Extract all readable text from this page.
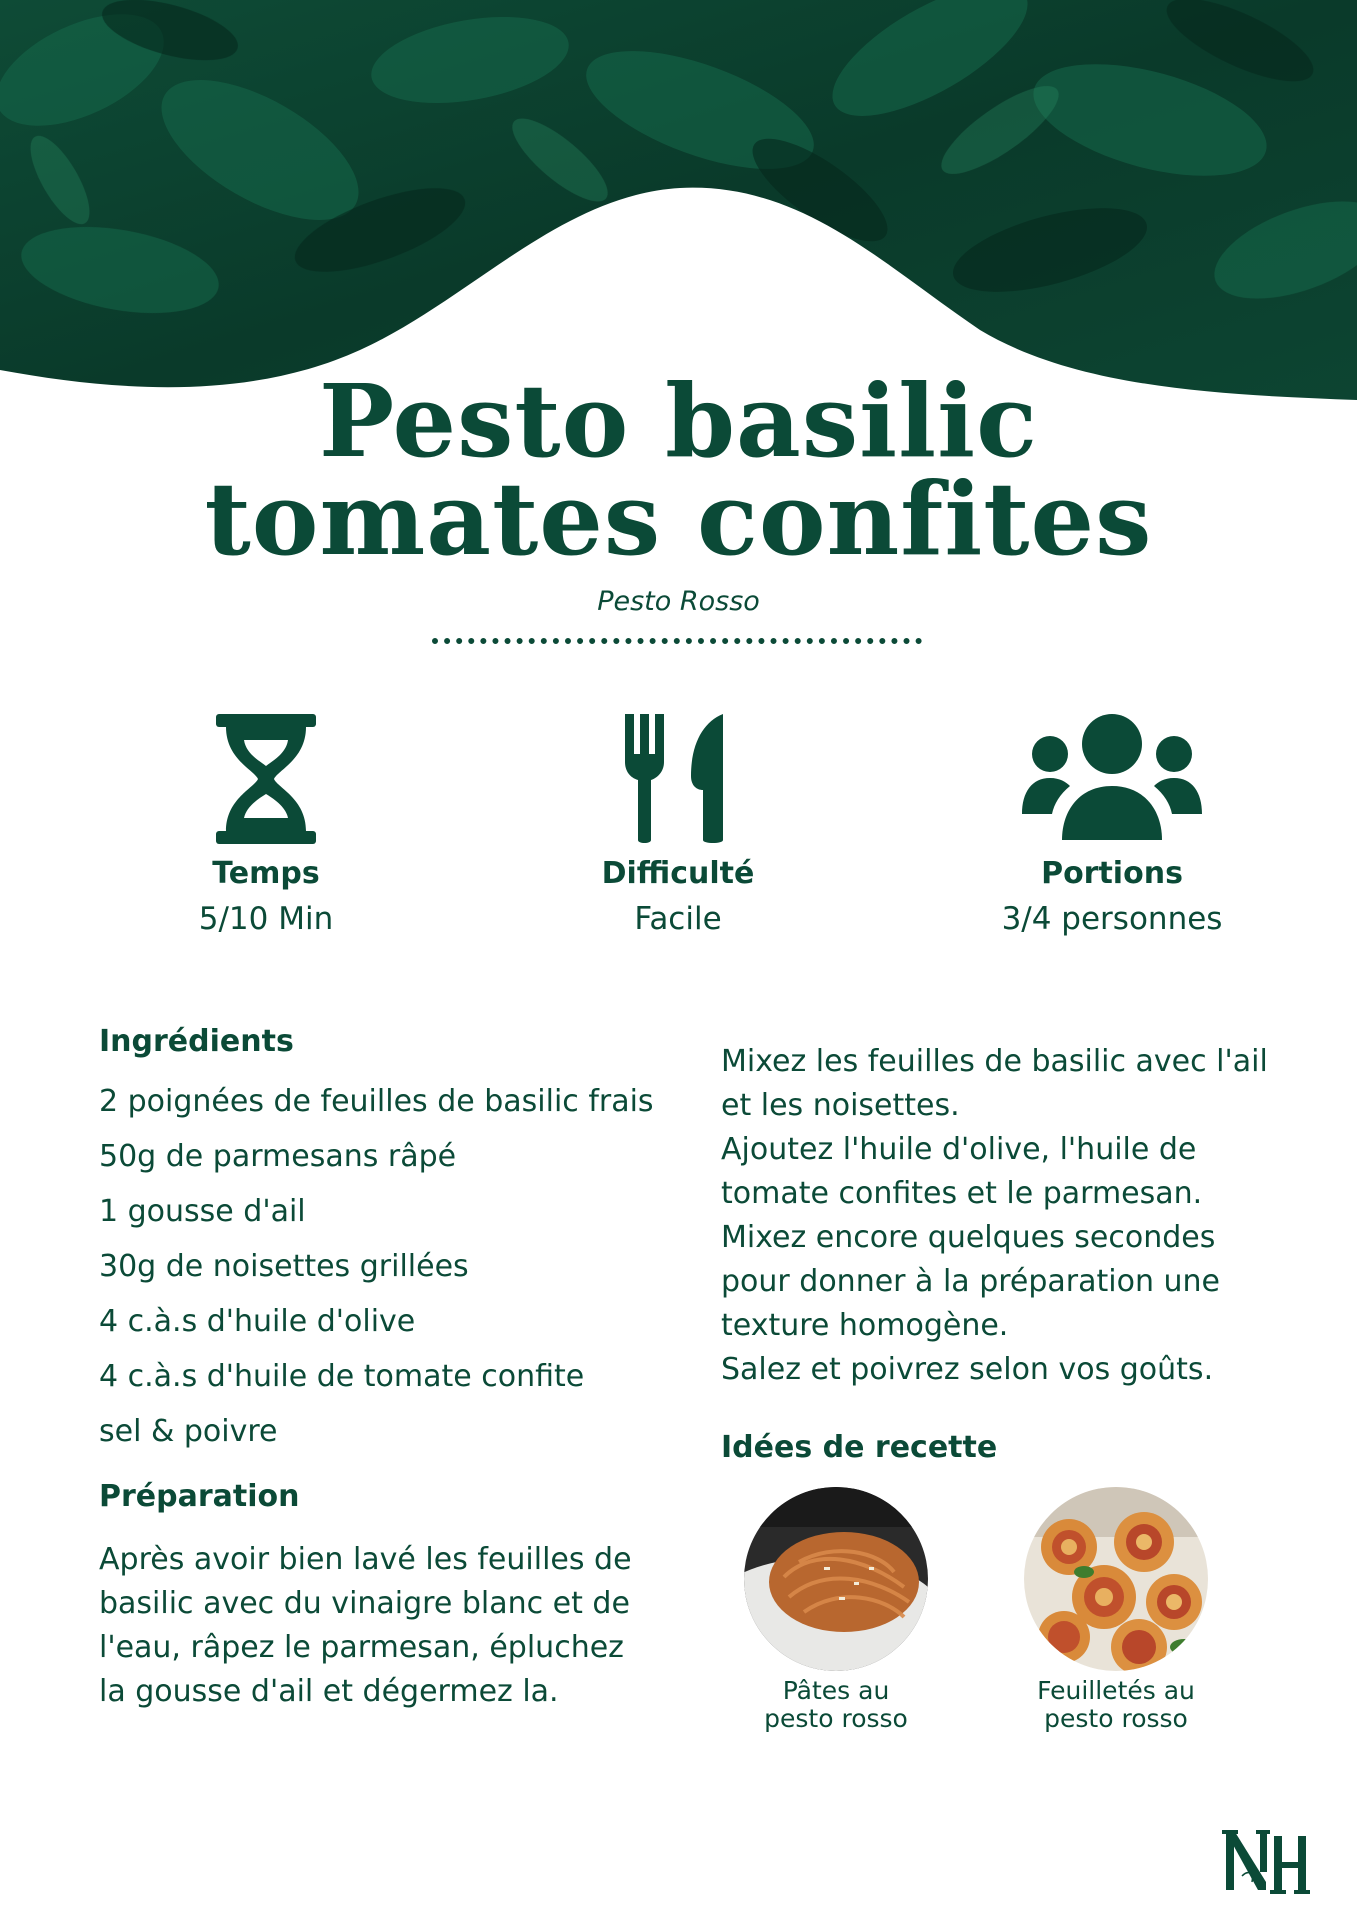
Pesto basilic
tomates confites
Pesto Rosso
Temps
5/10 Min
Difficulté
Facile
Portions
3/4 personnes
Ingrédients
2 poignées de feuilles de basilic frais
50g de parmesans râpé
1 gousse d'ail
30g de noisettes grillées
4 c.à.s d'huile d'olive
4 c.à.s d'huile de tomate confite
sel & poivre
Préparation
Après avoir bien lavé les feuilles de basilic avec du vinaigre blanc et de l'eau, râpez le parmesan, épluchez la gousse d'ail et dégermez la.
Mixez les feuilles de basilic avec l'ail et les noisettes.
Ajoutez l'huile d'olive, l'huile de tomate confites et le parmesan. Mixez encore quelques secondes pour donner à la préparation une texture homogène.
Salez et poivrez selon vos goûts.
Idées de recette
Pâtes au
pesto rosso
Feuilletés au
pesto rosso
